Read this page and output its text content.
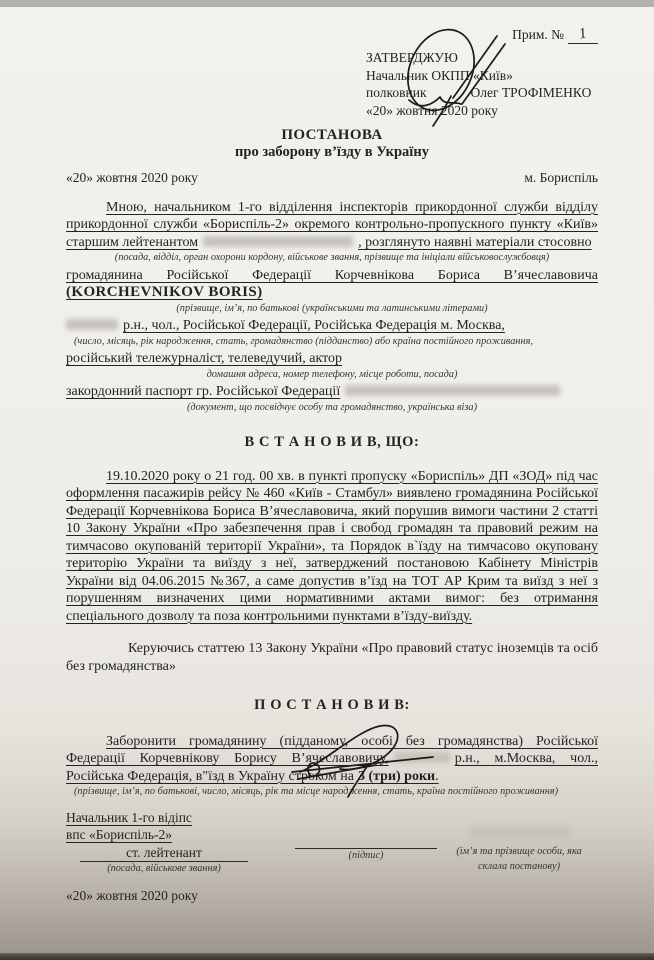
Прим. № 1
ЗАТВЕРДЖУЮ
Начальник ОКПП «Київ»
полковник	Олег ТРОФІМЕНКО
«20» жовтня 2020 року
ПОСТАНОВА
про заборону в’їзду в Україну
«20» жовтня 2020 року	м. Бориспіль

Мною, начальником 1-го відділення інспекторів прикордонної служби відділу прикордонної служби «Бориспіль-2» окремого контрольно-пропускного пункту «Київ» старшим лейтенантом	, розглянуто наявні матеріали стосовно

(посада, відділ, орган охорони кордону, військове звання, прізвище та ініціали військовослужбовця)

громадянина Російської Федерації Корчевнікова Бориса В’ячеславовича

(KORCHEVNIKOV BORIS)

(прізвище, ім’я, по батькові (українськими та латинськими літерами)

р.н., чол., Російської Федерації, Російська Федерація м. Москва,

(число, місяць, рік народження, стать, громадянство (підданство) або країна постійного проживання,

російський тележурналіст, телеведучий, актор

домашня адреса, номер телефону, місце роботи, посада)

закордонний паспорт гр. Російської Федерації

(документ, що посвідчує особу та громадянство, українська віза)
В С Т А Н О В И В, ЩО:

19.10.2020 року о 21 год. 00 хв. в пункті пропуску «Бориспіль» ДП «ЗОД» під час оформлення пасажирів рейсу № 460 «Київ - Стамбул» виявлено громадянина Російської Федерації Корчевнікова Бориса В’ячеславовича, який порушив вимоги частини 2 статті 10 Закону України «Про забезпечення прав і свобод громадян та правовий режим на тимчасово окупованій території України», та Порядок в`їзду на тимчасово окуповану територію України та виїзду з неї, затверджений постановою Кабінету Міністрів України від 04.06.2015 №367, а саме допустив в’їзд на ТОТ АР Крим та виїзд з неї з порушенням визначених цими нормативними актами вимог: без отримання спеціального дозволу та поза контрольними пунктами в’їзду-виїзду.

Керуючись статтею 13 Закону України «Про правовий статус іноземців та осіб без громадянства»

П О С Т А Н О В И В:

Заборонити громадянину (підданому, особі без громадянства) Російської Федерації Корчевнікову Борису В’ячеславовичу,	р.н., м.Москва, чол., Російська Федерація, в"їзд в Україну строком на 3 (три) роки.

(прізвище, ім’я, по батькові, число, місяць, рік та місце народження, стать, країна постійного проживання)
Начальник 1-го відіпс
впс «Бориспіль-2»
ст. лейтенант
(посада, військове звання)
(підпис)	(ім’я та прізвище особи, яка
склала постанову)
«20» жовтня 2020 року
